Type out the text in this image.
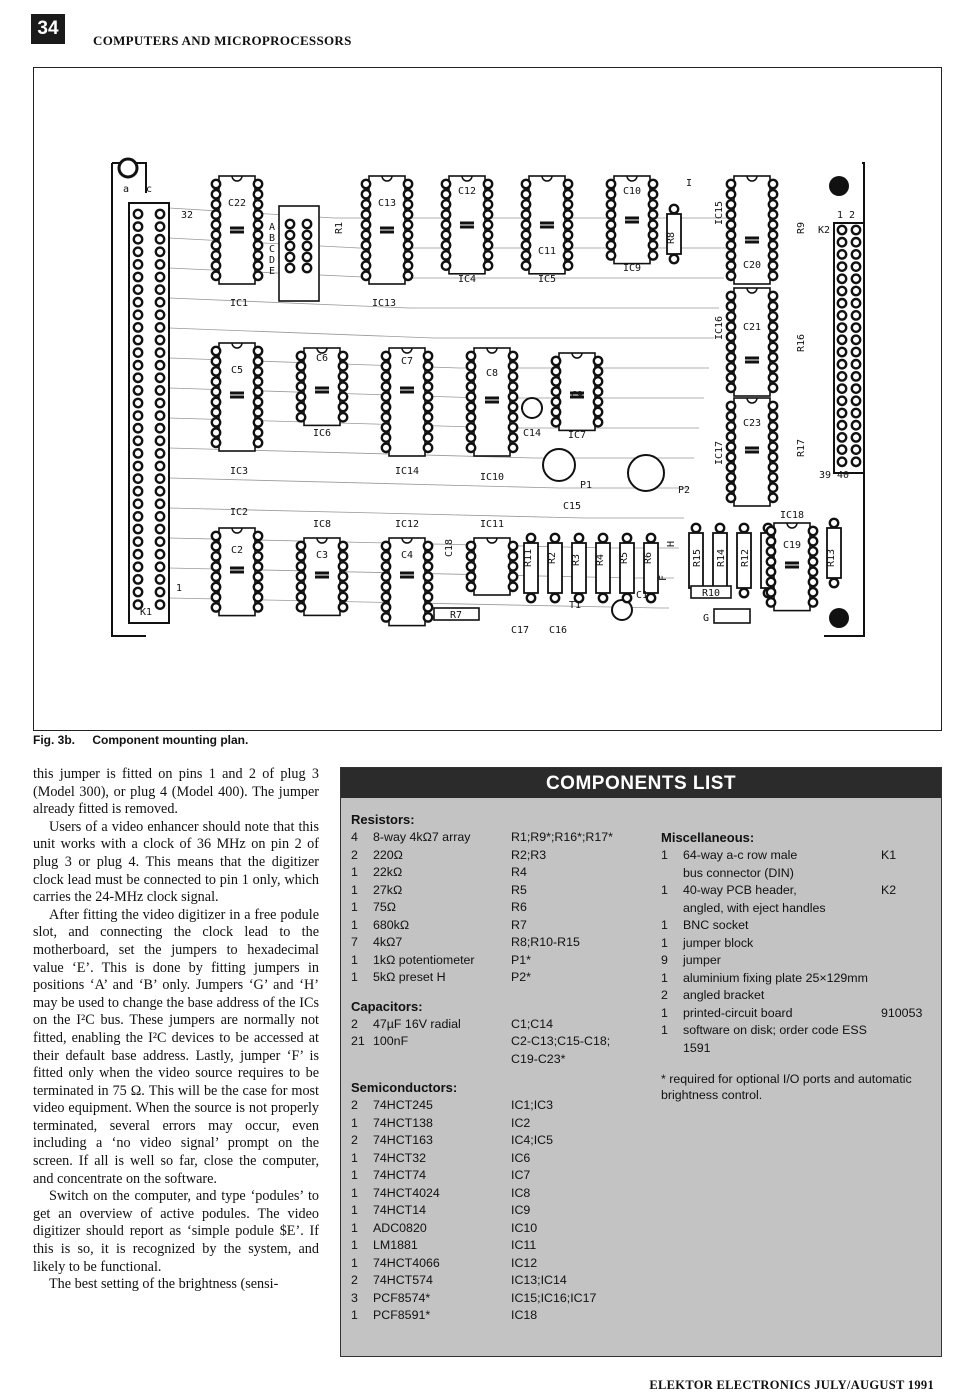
34
COMPUTERS AND MICROPROCESSORS
a c
32
1
K1
IC1
C22
A
B
C
D
E
R1
IC13
C13
C12
IC4
C11
IC5
C10
IC9
R8
IC15
C20
R9 K2
1 2
IC16 C21
R16
IC17
C23
R17
39 40
IC3
C5
IC6
C6
IC14
C7
IC10
C8
IC7
C9
C14
P1	P2
C15
IC2
C2
IC8
C3
IC12
C4	C18
IC11
R11 R2 R3 R4 R5 R6
H
R15 R14 R12
IC18
C19
R13
F
R10
G
R7
T1
C1
C17 C16
I
Fig. 3b. Component mounting plan.

this jumper is fitted on pins 1 and 2 of plug 3 (Model 300), or plug 4 (Model 400). The jumper already fitted is removed.

Users of a video enhancer should note that this unit works with a clock of 36 MHz on pin 2 of plug 3 or plug 4. This means that the digitizer clock lead must be connected to pin 1 only, which carries the 24-MHz clock signal.

After fitting the video digitizer in a free podule slot, and connecting the clock lead to the motherboard, set the jumpers to hexadecimal value ‘E’. This is done by fitting jumpers in positions ‘A’ and ‘B’ only. Jumpers ‘G’ and ‘H’ may be used to change the base address of the ICs on the I²C bus. These jumpers are normally not fitted, enabling the I²C devices to be accessed at their default base address. Lastly, jumper ‘F’ is fitted only when the video source requires to be terminated in 75 Ω. This will be the case for most video equipment. When the source is not properly terminated, several errors may occur, even including a ‘no video signal’ prompt on the screen. If all is well so far, close the computer, and concentrate on the software.

Switch on the computer, and type ‘podules’ to get an overview of active podules. The video digitizer should report as ‘simple podule $E’. If this is so, it is recognized by the system, and likely to be functional.

The best setting of the brightness (sensi-

COMPONENTS LIST
Resistors:
4	8-way 4kΩ7 array	R1;R9*;R16*;R17*
2	220Ω	R2;R3
1	22kΩ	R4
1	27kΩ	R5
1	75Ω	R6
1	680kΩ	R7
7	4kΩ7	R8;R10-R15
1	1kΩ potentiometer	P1*
1	5kΩ preset H	P2*
Capacitors:
2	47µF 16V radial	C1;C14
21 100nF	C2-C13;C15-C18;
C19-C23*
Semiconductors:
2	74HCT245	IC1;IC3
1	74HCT138	IC2
2	74HCT163	IC4;IC5
1	74HCT32	IC6
1	74HCT74	IC7
1	74HCT4024	IC8
1	74HCT14	IC9
1	ADC0820	IC10
1	LM1881	IC11
1	74HCT4066	IC12
2	74HCT574	IC13;IC14
3	PCF8574*	IC15;IC16;IC17
1	PCF8591*	IC18
Miscellaneous:
1	64-way a-c row male	K1
bus connector (DIN)
1	40-way PCB header,	K2
angled, with eject handles
1	BNC socket
1	jumper block
9	jumper
1	aluminium fixing plate 25×129mm
2	angled bracket
1	printed-circuit board	910053
1	software on disk; order code ESS 1591
* required for optional I/O ports and automatic brightness control.
ELEKTOR ELECTRONICS JULY/AUGUST 1991
